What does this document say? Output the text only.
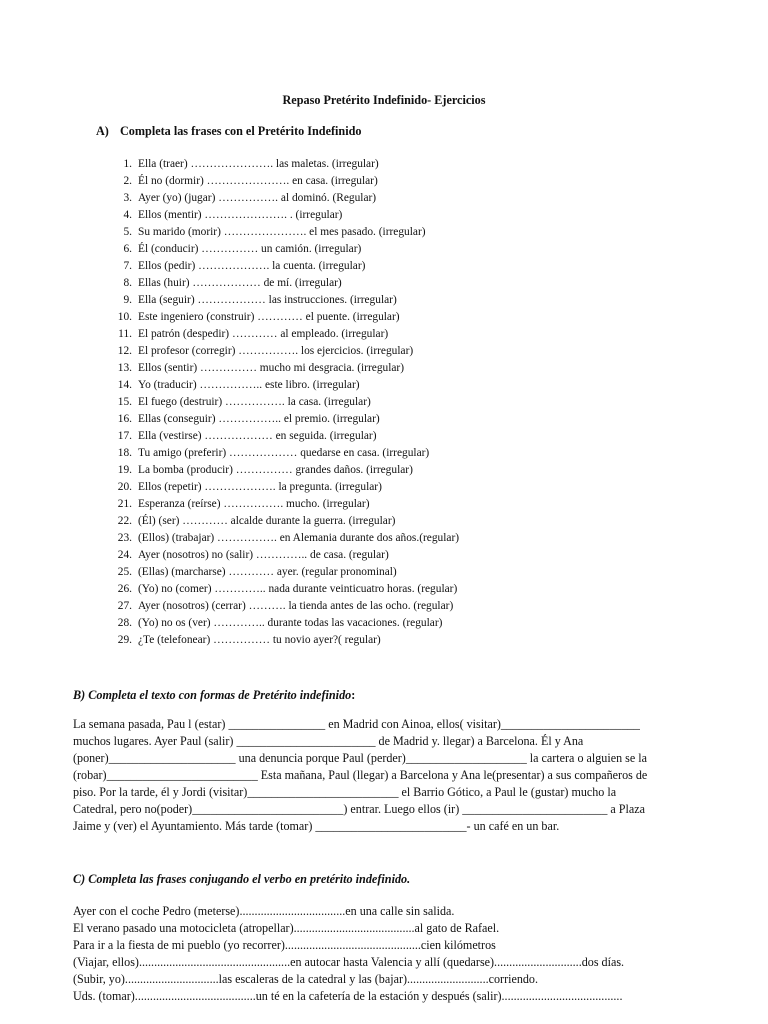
Repaso Pretérito Indefinido- Ejercicios
A) Completa las frases con el Pretérito Indefinido
1. Ella (traer) …………………. las maletas. (irregular)
2. Él no (dormir) …………………. en casa. (irregular)
3. Ayer (yo) (jugar) ……………. al dominó. (Regular)
4. Ellos (mentir) …………………. . (irregular)
5. Su marido (morir) …………………. el mes pasado. (irregular)
6. Él (conducir) …………… un camión. (irregular)
7. Ellos (pedir) ………………. la cuenta. (irregular)
8. Ellas (huir) ……………… de mí. (irregular)
9. Ella (seguir) ……………… las instrucciones. (irregular)
10. Este ingeniero (construir) ………… el puente. (irregular)
11. El patrón (despedir) ………… al empleado. (irregular)
12. El profesor (corregir) ……………. los ejercicios. (irregular)
13. Ellos (sentir) …………… mucho mi desgracia. (irregular)
14. Yo (traducir) …………….. este libro. (irregular)
15. El fuego (destruir) ……………. la casa. (irregular)
16. Ellas (conseguir) …………….. el premio. (irregular)
17. Ella (vestirse) ……………… en seguida. (irregular)
18. Tu amigo (preferir) ……………… quedarse en casa. (irregular)
19. La bomba (producir) …………… grandes daños. (irregular)
20. Ellos (repetir) ………………. la pregunta. (irregular)
21. Esperanza (reírse) ……………. mucho. (irregular)
22. (Él) (ser) ………… alcalde durante la guerra. (irregular)
23. (Ellos) (trabajar) ……………. en Alemania durante dos años.(regular)
24. Ayer (nosotros) no (salir) ………….. de casa. (regular)
25. (Ellas) (marcharse) ………… ayer. (regular pronominal)
26. (Yo) no (comer) ………….. nada durante veinticuatro horas. (regular)
27. Ayer (nosotros) (cerrar) ………. la tienda antes de las ocho. (regular)
28. (Yo) no os (ver) ………….. durante todas las vacaciones. (regular)
29. ¿Te (telefonear) …………… tu novio ayer?( regular)
B) Completa el texto con formas de Pretérito indefinido:
La semana pasada, Pau l (estar) ________________ en Madrid con Ainoa, ellos( visitar)_______________________
muchos lugares. Ayer Paul (salir) _______________________ de Madrid y. llegar) a Barcelona. Él y Ana
(poner)_____________________ una denuncia porque Paul (perder)____________________ la cartera o alguien se la
(robar)_________________________ Esta mañana, Paul (llegar) a Barcelona y Ana le(presentar) a sus compañeros de
piso. Por la tarde, él y Jordi (visitar)_________________________ el Barrio Gótico, a Paul le (gustar) mucho la
Catedral, pero no(poder)_________________________) entrar. Luego ellos (ir) ________________________ a Plaza
Jaime y (ver) el Ayuntamiento. Más tarde (tomar) _________________________- un café en un bar.
C) Completa las frases conjugando el verbo en pretérito indefinido.
Ayer con el coche Pedro (meterse)...................................en una calle sin salida.
El verano pasado una motocicleta (atropellar)........................................al gato de Rafael.
Para ir a la fiesta de mi pueblo (yo recorrer).............................................cien kilómetros
(Viajar, ellos)..................................................en autocar hasta Valencia y allí (quedarse).............................dos días.
(Subir, yo)...............................las escaleras de la catedral y las (bajar)...........................corriendo.
Uds. (tomar)........................................un té en la cafetería de la estación y después (salir)........................................
